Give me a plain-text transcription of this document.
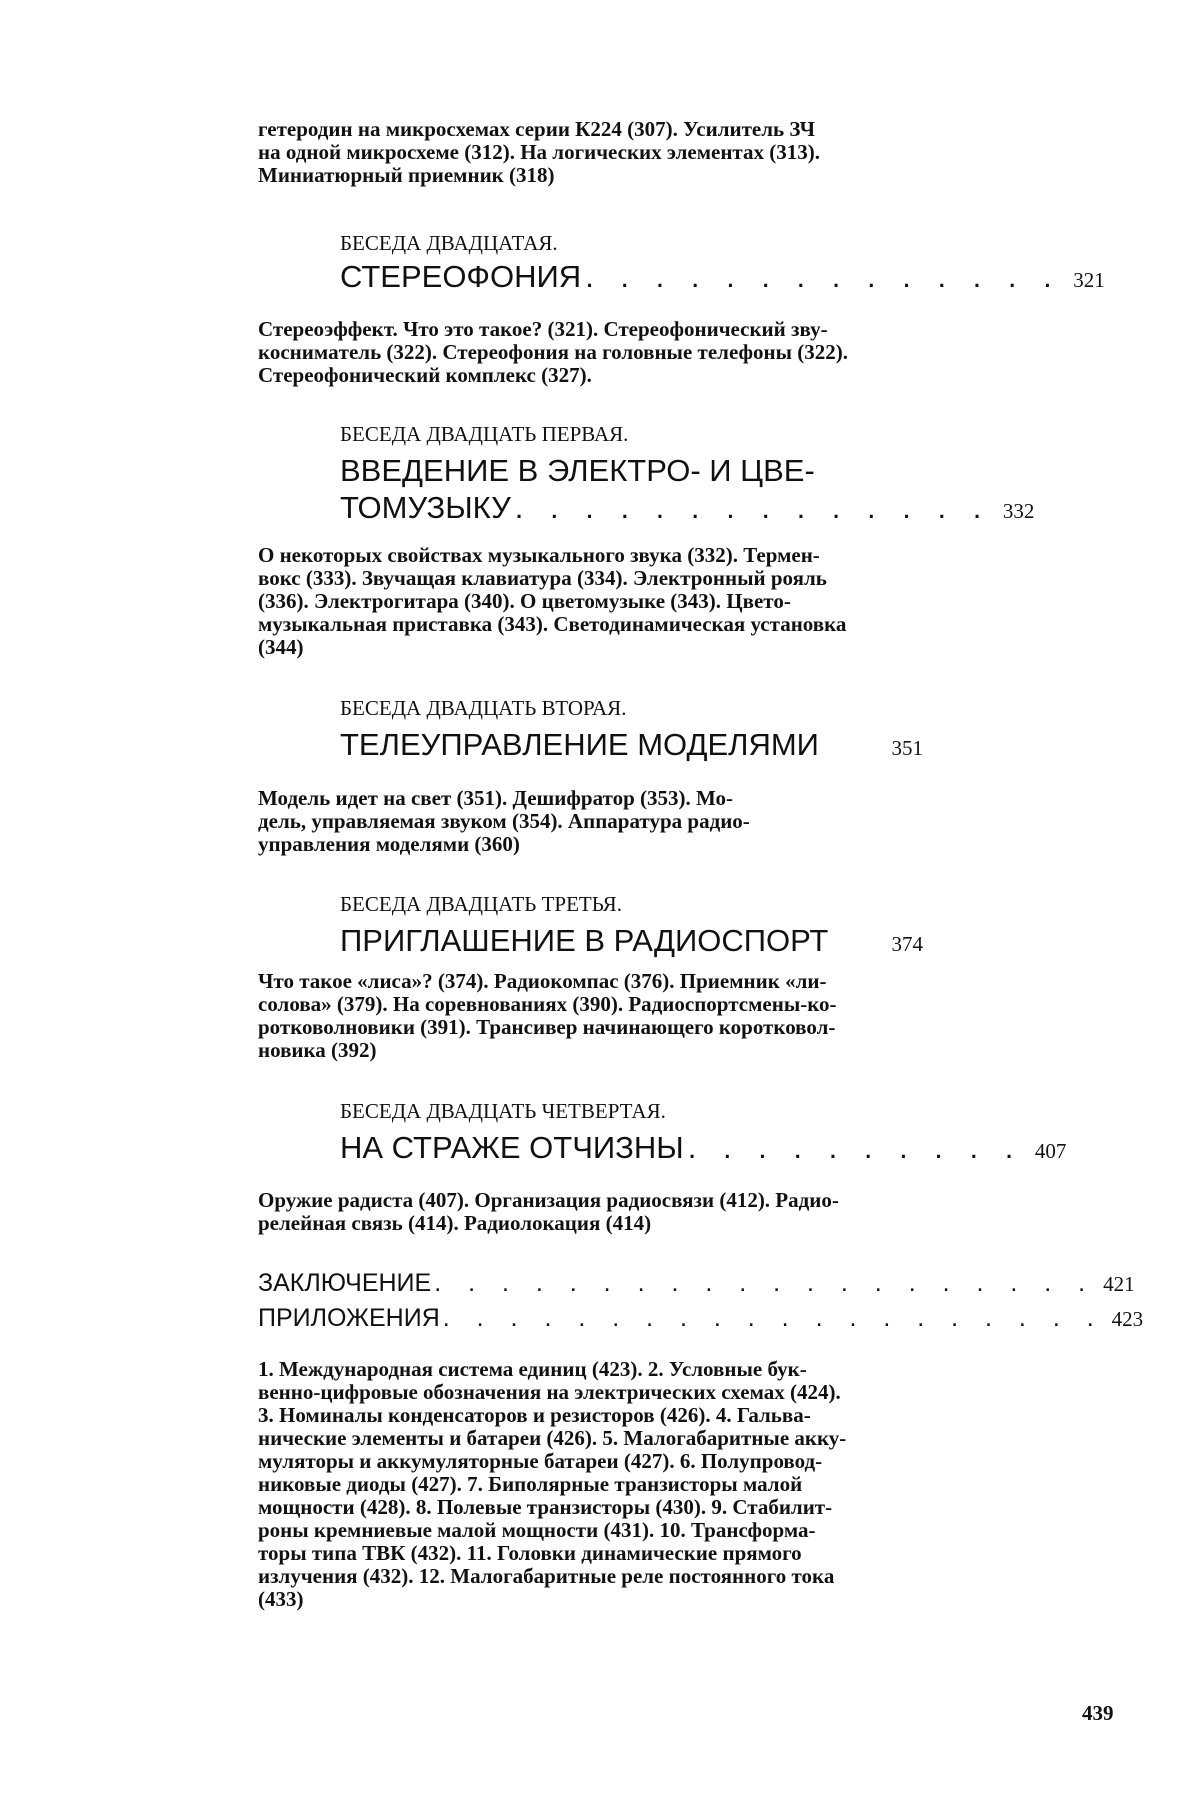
гетеродин на микросхемах серии К224 (307). Усилитель ЗЧ
на одной микросхеме (312). На логических элементах (313).
Миниатюрный приемник (318)
БЕСЕДА ДВАДЦАТАЯ.
СТЕРЕОФОНИЯ . . . . . . . . . . . . . . 321
Стереоэффект. Что это такое? (321). Стереофонический зву-
коснимaтель (322). Стереофония на головные телефоны (322).
Стереофонический комплекс (327).
БЕСЕДА ДВАДЦАТЬ ПЕРВАЯ.
ВВЕДЕНИЕ В ЭЛЕКТРО- И ЦВЕ-
ТОМУЗЫКУ . . . . . . . . . . . . . . 332
О некоторых свойствах музыкального звука (332). Термен-
вокс (333). Звучащая клавиатура (334). Электронный рояль
(336). Электрогитара (340). О цветомузыке (343). Цвето-
музыкальная приставка (343). Светодинамическая установка
(344)
БЕСЕДА ДВАДЦАТЬ ВТОРАЯ.
ТЕЛЕУПРАВЛЕНИЕ МОДЕЛЯМИ	351
Модель идет на свет (351). Дешифратор (353). Мо-
дель, управляемая звуком (354). Аппаратура радио-
управления моделями (360)
БЕСЕДА ДВАДЦАТЬ ТРЕТЬЯ.
ПРИГЛАШЕНИЕ В РАДИОСПОРТ	374
Что такое «лиса»? (374). Радиокомпас (376). Приемник «ли-
солова» (379). На соревнованиях (390). Радиоспортсмены-ко-
ротковолновики (391). Трансивер начинающего коротковол-
новика (392)
БЕСЕДА ДВАДЦАТЬ ЧЕТВЕРТАЯ.
НА СТРАЖЕ ОТЧИЗНЫ . . . . . . . . . . 407
Оружие радиста (407). Организация радиосвязи (412). Радио-
релейная связь (414). Радиолокация (414)
ЗАКЛЮЧЕНИЕ . . . . . . . . . . . . . . . . . . . . 421
ПРИЛОЖЕНИЯ . . . . . . . . . . . . . . . . . . . . 423
1. Международная система единиц (423). 2. Условные бук-
венно-цифровые обозначения на электрических схемах (424).
3. Номиналы конденсаторов и резисторов (426). 4. Гальва-
нические элементы и батареи (426). 5. Малогабаритные акку-
муляторы и аккумуляторные батареи (427). 6. Полупровод-
никовые диоды (427). 7. Биполярные транзисторы малой
мощности (428). 8. Полевые транзисторы (430). 9. Стабилит-
роны кремниевые малой мощности (431). 10. Трансформа-
торы типа ТВК (432). 11. Головки динамические прямого
излучения (432). 12. Малогабаритные реле постоянного тока
(433)
439
